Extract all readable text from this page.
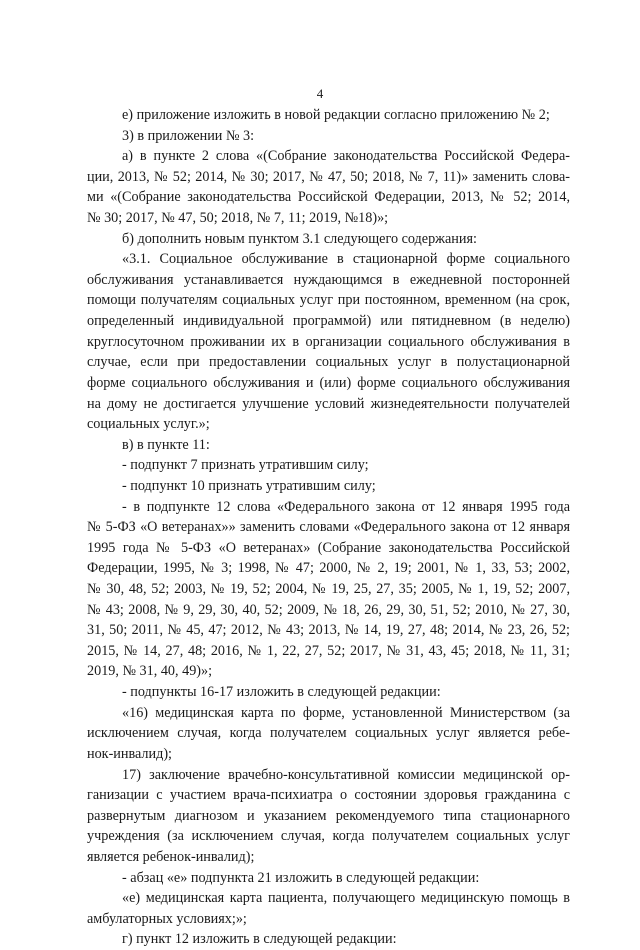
4
е) приложение изложить в новой редакции согласно приложению № 2;
3) в приложении № 3:
а) в пункте 2 слова «(Собрание законодательства Российской Федера-
ции, 2013, № 52; 2014, № 30; 2017, № 47, 50; 2018, № 7, 11)» заменить слова-
ми «(Собрание законодательства Российской Федерации, 2013, № 52; 2014,
№ 30; 2017, № 47, 50; 2018, № 7, 11; 2019, №18)»;
б) дополнить новым пунктом 3.1 следующего содержания:
«3.1. Социальное обслуживание в стационарной форме социального
обслуживания устанавливается нуждающимся в ежедневной посторонней
помощи получателям социальных услуг при постоянном, временном (на срок,
определенный индивидуальной программой) или пятидневном (в неделю)
круглосуточном проживании их в организации социального обслуживания в
случае, если при предоставлении социальных услуг в полустационарной
форме социального обслуживания и (или) форме социального обслуживания
на дому не достигается улучшение условий жизнедеятельности получателей
социальных услуг.»;
в) в пункте 11:
- подпункт 7 признать утратившим силу;
- подпункт 10 признать утратившим силу;
- в подпункте 12 слова «Федерального закона от 12 января 1995 года
№ 5-ФЗ «О ветеранах»» заменить словами «Федерального закона от 12 января
1995 года № 5-ФЗ «О ветеранах» (Собрание законодательства Российской
Федерации, 1995, № 3; 1998, № 47; 2000, № 2, 19; 2001, № 1, 33, 53; 2002,
№ 30, 48, 52; 2003, № 19, 52; 2004, № 19, 25, 27, 35; 2005, № 1, 19, 52; 2007,
№ 43; 2008, № 9, 29, 30, 40, 52; 2009, № 18, 26, 29, 30, 51, 52; 2010, № 27, 30,
31, 50; 2011, № 45, 47; 2012, № 43; 2013, № 14, 19, 27, 48; 2014, № 23, 26, 52;
2015, № 14, 27, 48; 2016, № 1, 22, 27, 52; 2017, № 31, 43, 45; 2018, № 11, 31;
2019, № 31, 40, 49)»;
- подпункты 16-17 изложить в следующей редакции:
«16) медицинская карта по форме, установленной Министерством (за
исключением случая, когда получателем социальных услуг является ребе-
нок-инвалид);
17) заключение врачебно-консультативной комиссии медицинской ор-
ганизации с участием врача-психиатра о состоянии здоровья гражданина с
развернутым диагнозом и указанием рекомендуемого типа стационарного
учреждения (за исключением случая, когда получателем социальных услуг
является ребенок-инвалид);
- абзац «е» подпункта 21 изложить в следующей редакции:
«е) медицинская карта пациента, получающего медицинскую помощь в
амбулаторных условиях;»;
г) пункт 12 изложить в следующей редакции:
